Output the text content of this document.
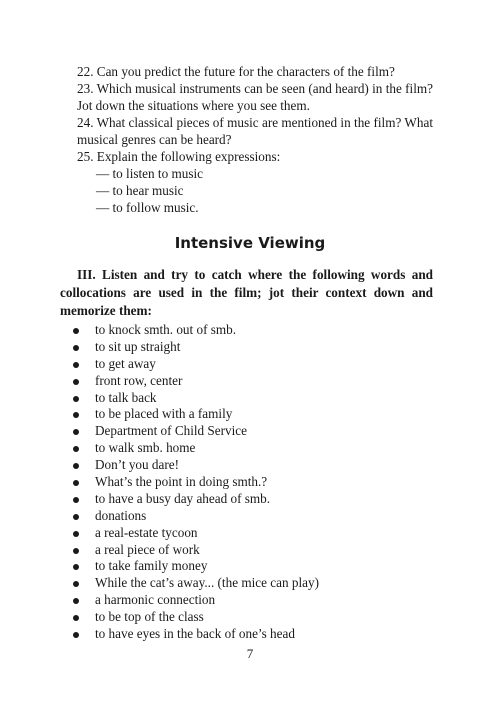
22. Can you predict the future for the characters of the film?
23. Which musical instruments can be seen (and heard) in the film? Jot down the situations where you see them.
24. What classical pieces of music are mentioned in the film? What musical genres can be heard?
25. Explain the following expressions:
— to listen to music
— to hear music
— to follow music.
Intensive Viewing
III. Listen and try to catch where the following words and collocations are used in the film; jot their context down and memorize them:
to knock smth. out of smb.
to sit up straight
to get away
front row, center
to talk back
to be placed with a family
Department of Child Service
to walk smb. home
Don’t you dare!
What’s the point in doing smth.?
to have a busy day ahead of smb.
donations
a real-estate tycoon
a real piece of work
to take family money
While the cat’s away... (the mice can play)
a harmonic connection
to be top of the class
to have eyes in the back of one’s head
7
